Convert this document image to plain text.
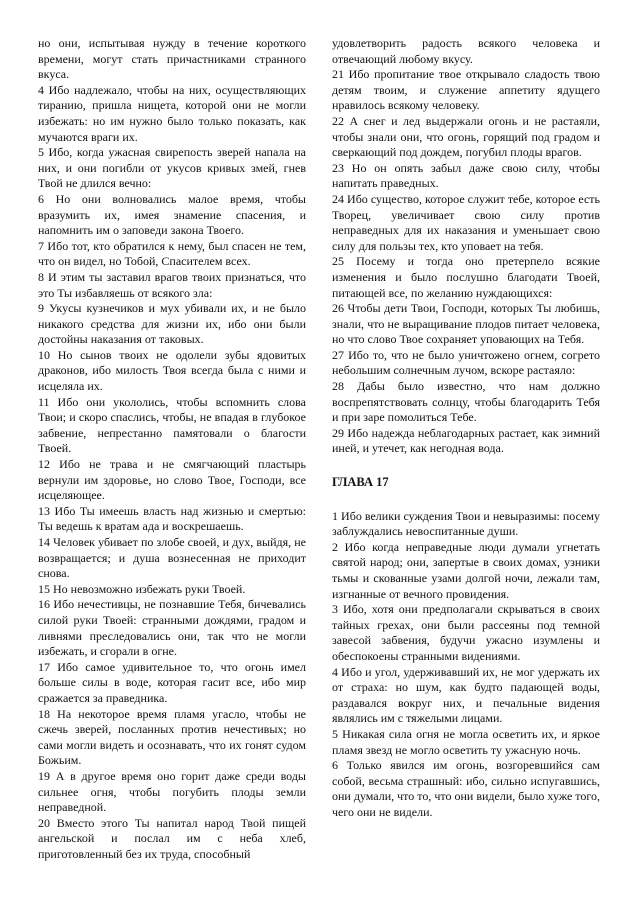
но они, испытывая нужду в течение короткого времени, могут стать причастниками странного вкуса.

4 Ибо надлежало, чтобы на них, осуществляющих тиранию, пришла нищета, которой они не могли избежать: но им нужно было только показать, как мучаются враги их.

5 Ибо, когда ужасная свирепость зверей напала на них, и они погибли от укусов кривых змей, гнев Твой не длился вечно:

6 Но они волновались малое время, чтобы вразумить их, имея знамение спасения, и напомнить им о заповеди закона Твоего.

7 Ибо тот, кто обратился к нему, был спасен не тем, что он видел, но Тобой, Спасителем всех.

8 И этим ты заставил врагов твоих признаться, что это Ты избавляешь от всякого зла:

9 Укусы кузнечиков и мух убивали их, и не было никакого средства для жизни их, ибо они были достойны наказания от таковых.

10 Но сынов твоих не одолели зубы ядовитых драконов, ибо милость Твоя всегда была с ними и исцеляла их.

11 Ибо они укололись, чтобы вспомнить слова Твои; и скоро спаслись, чтобы, не впадая в глубокое забвение, непрестанно памятовали о благости Твоей.

12 Ибо не трава и не смягчающий пластырь вернули им здоровье, но слово Твое, Господи, все исцеляющее.

13 Ибо Ты имеешь власть над жизнью и смертью: Ты ведешь к вратам ада и воскрешаешь.

14 Человек убивает по злобе своей, и дух, выйдя, не возвращается; и душа вознесенная не приходит снова.

15 Но невозможно избежать руки Твоей.

16 Ибо нечестивцы, не познавшие Тебя, бичевались силой руки Твоей: странными дождями, градом и ливнями преследовались они, так что не могли избежать, и сгорали в огне.

17 Ибо самое удивительное то, что огонь имел больше силы в воде, которая гасит все, ибо мир сражается за праведника.

18 На некоторое время пламя угасло, чтобы не сжечь зверей, посланных против нечестивых; но сами могли видеть и осознавать, что их гонят судом Божьим.

19 А в другое время оно горит даже среди воды сильнее огня, чтобы погубить плоды земли неправедной.

20 Вместо этого Ты напитал народ Твой пищей ангельской и послал им с неба хлеб, приготовленный без их труда, способный

удовлетворить радость всякого человека и отвечающий любому вкусу.

21 Ибо пропитание твое открывало сладость твою детям твоим, и служение аппетиту ядущего нравилось всякому человеку.

22 А снег и лед выдержали огонь и не растаяли, чтобы знали они, что огонь, горящий под градом и сверкающий под дождем, погубил плоды врагов.

23 Но он опять забыл даже свою силу, чтобы напитать праведных.

24 Ибо существо, которое служит тебе, которое есть Творец, увеличивает свою силу против неправедных для их наказания и уменьшает свою силу для пользы тех, кто уповает на тебя.

25 Посему и тогда оно претерпело всякие изменения и было послушно благодати Твоей, питающей все, по желанию нуждающихся:

26 Чтобы дети Твои, Господи, которых Ты любишь, знали, что не выращивание плодов питает человека, но что слово Твое сохраняет уповающих на Тебя.

27 Ибо то, что не было уничтожено огнем, согрето небольшим солнечным лучом, вскоре растаяло:

28 Дабы было известно, что нам должно воспрепятствовать солнцу, чтобы благодарить Тебя и при заре помолиться Тебе.

29 Ибо надежда неблагодарных растает, как зимний иней, и утечет, как негодная вода.

ГЛАВА 17

1 Ибо велики суждения Твои и невыразимы: посему заблуждались невоспитанные души.

2 Ибо когда неправедные люди думали угнетать святой народ; они, запертые в своих домах, узники тьмы и скованные узами долгой ночи, лежали там, изгнанные от вечного провидения.

3 Ибо, хотя они предполагали скрываться в своих тайных грехах, они были рассеяны под темной завесой забвения, будучи ужасно изумлены и обеспокоены странными видениями.

4 Ибо и угол, удерживавший их, не мог удержать их от страха: но шум, как будто падающей воды, раздавался вокруг них, и печальные видения являлись им с тяжелыми лицами.

5 Никакая сила огня не могла осветить их, и яркое пламя звезд не могло осветить ту ужасную ночь.

6 Только явился им огонь, возгоревшийся сам собой, весьма страшный: ибо, сильно испугавшись, они думали, что то, что они видели, было хуже того, чего они не видели.
